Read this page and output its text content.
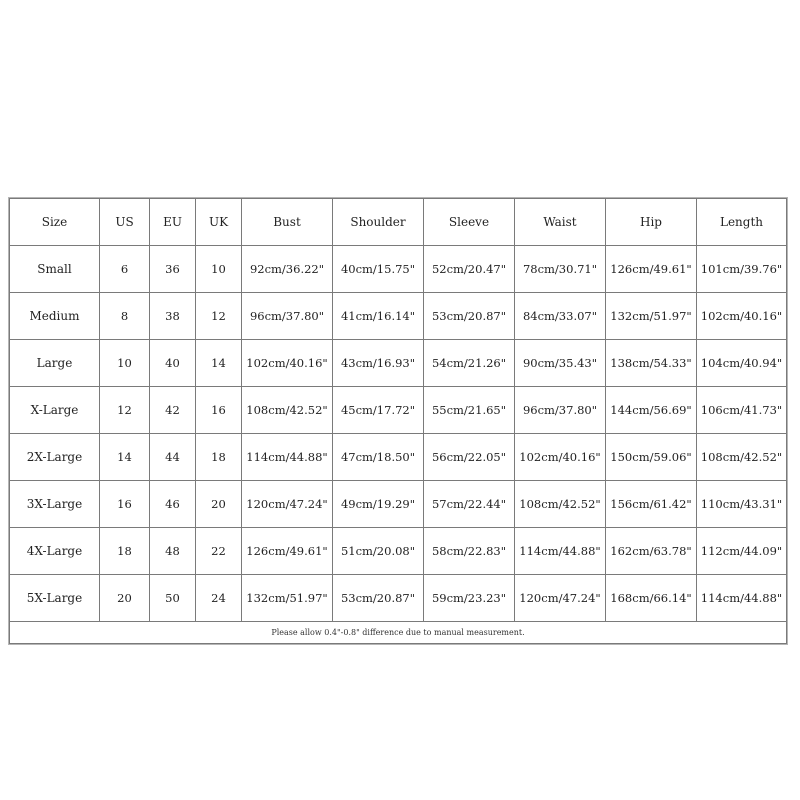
Size	US	EU	UK	Bust	Shoulder	Sleeve	Waist	Hip	Length
Small	6	36	10	92cm/36.22"	40cm/15.75"	52cm/20.47"	78cm/30.71"	126cm/49.61"	101cm/39.76"
Medium	8	38	12	96cm/37.80"	41cm/16.14"	53cm/20.87"	84cm/33.07"	132cm/51.97"	102cm/40.16"
Large	10	40	14	102cm/40.16"	43cm/16.93"	54cm/21.26"	90cm/35.43"	138cm/54.33"	104cm/40.94"
X-Large	12	42	16	108cm/42.52"	45cm/17.72"	55cm/21.65"	96cm/37.80"	144cm/56.69"	106cm/41.73"
2X-Large	14	44	18	114cm/44.88"	47cm/18.50"	56cm/22.05"	102cm/40.16"	150cm/59.06"	108cm/42.52"
3X-Large	16	46	20	120cm/47.24"	49cm/19.29"	57cm/22.44"	108cm/42.52"	156cm/61.42"	110cm/43.31"
4X-Large	18	48	22	126cm/49.61"	51cm/20.08"	58cm/22.83"	114cm/44.88"	162cm/63.78"	112cm/44.09"
5X-Large	20	50	24	132cm/51.97"	53cm/20.87"	59cm/23.23"	120cm/47.24"	168cm/66.14"	114cm/44.88"
Please allow 0.4"-0.8" difference due to manual measurement.									
